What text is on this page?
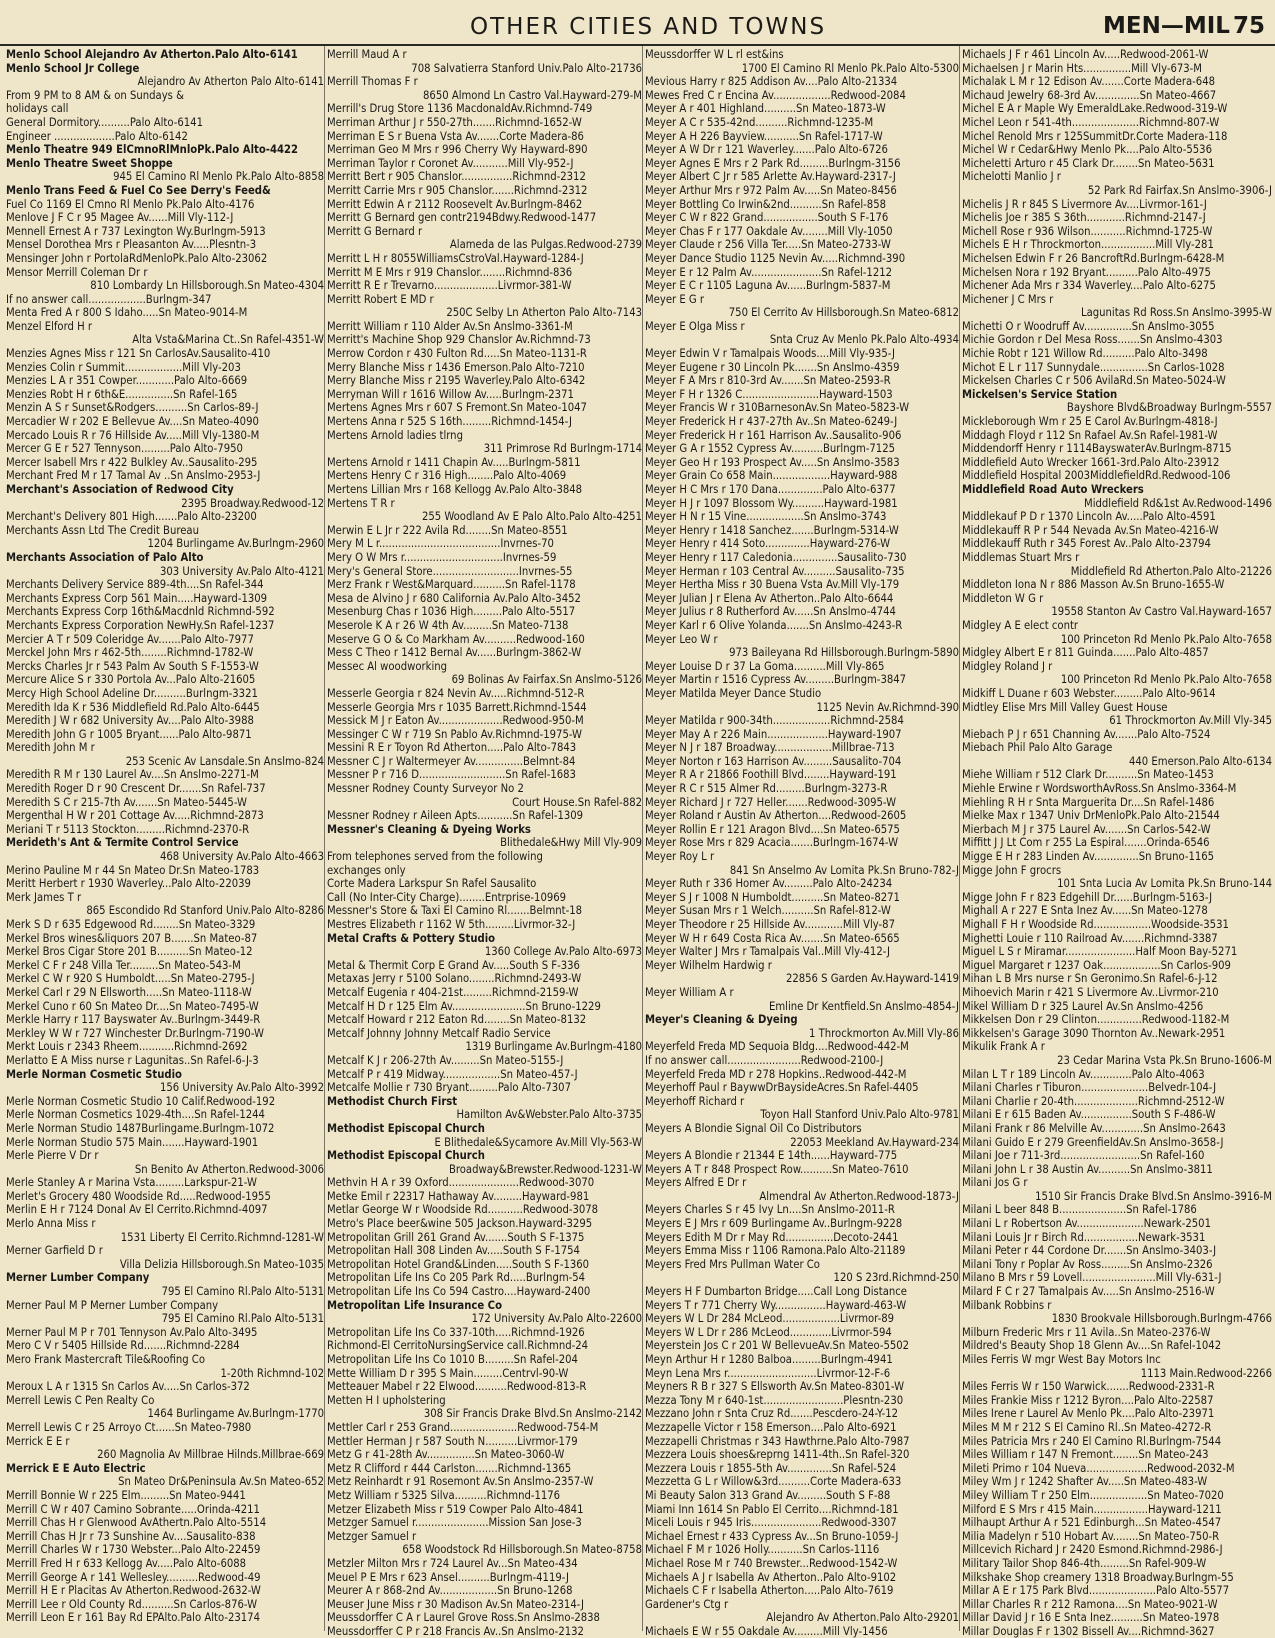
OTHER CITIES AND TOWNS	MEN—MIL 75
Menlo School Alejandro Av Atherton.Palo Alto-6141
Menlo School Jr College
Alejandro Av Atherton Palo Alto-6141
From 9 PM to 8 AM & on Sundays &
holidays call
General Dormitory..........Palo Alto-6141
Engineer ...................Palo Alto-6142
Menlo Theatre 949 ElCmnoRlMnloPk.Palo Alto-4422
Menlo Theatre Sweet Shoppe
945 El Camino Rl Menlo Pk.Palo Alto-8858
Menlo Trans Feed & Fuel Co See Derry's Feed&
Fuel Co 1169 El Cmno Rl Menlo Pk.Palo Alto-4176
Menlove J F C r 95 Magee Av......Mill Vly-112-J
Mennell Ernest A r 737 Lexington Wy.Burlngm-5913
Mensel Dorothea Mrs r Pleasanton Av.....Plesntn-3
Mensinger John r PortolaRdMenloPk.Palo Alto-23062
Mensor Merrill Coleman Dr r
810 Lombardy Ln Hillsborough.Sn Mateo-4304
If no answer call..................Burlngm-347
Menta Fred A r 800 S Idaho.....Sn Mateo-9014-M
Menzel Elford H r
Alta Vsta&Marina Ct..Sn Rafel-4351-W
Menzies Agnes Miss r 121 Sn CarlosAv.Sausalito-410
Menzies Colin r Summit..................Mill Vly-203
Menzies L A r 351 Cowper............Palo Alto-6669
Menzies Robt H r 6th&E...............Sn Rafel-165
Menzin A S r Sunset&Rodgers..........Sn Carlos-89-J
Mercadier W r 202 E Bellevue Av....Sn Mateo-4090
Mercado Louis R r 76 Hillside Av.....Mill Vly-1380-M
Mercer G E r 527 Tennyson.........Palo Alto-7950
Mercer Isabell Mrs r 422 Bulkley Av..Sausalito-295
Merchant Fred M r 17 Tamal Av ..Sn Anslmo-2953-J
Merchant's Association of Redwood City
2395 Broadway.Redwood-12
Merchant's Delivery 801 High.......Palo Alto-23200
Merchants Assn Ltd The Credit Bureau
1204 Burlingame Av.Burlngm-2960
Merchants Association of Palo Alto
303 University Av.Palo Alto-4121
Merchants Delivery Service 889-4th....Sn Rafel-344
Merchants Express Corp 561 Main.....Hayward-1309
Merchants Express Corp 16th&Macdnld Richmnd-592
Merchants Express Corporation NewHy.Sn Rafel-1237
Mercier A T r 509 Coleridge Av.......Palo Alto-7977
Merckel John Mrs r 462-5th........Richmnd-1782-W
Mercks Charles Jr r 543 Palm Av South S F-1553-W
Mercure Alice S r 330 Portola Av...Palo Alto-21605
Mercy High School Adeline Dr..........Burlngm-3321
Meredith Ida K r 536 Middlefield Rd.Palo Alto-6445
Meredith J W r 682 University Av....Palo Alto-3988
Meredith John G r 1005 Bryant......Palo Alto-9871
Meredith John M r
253 Scenic Av Lansdale.Sn Anslmo-824
Meredith R M r 130 Laurel Av....Sn Anslmo-2271-M
Meredith Roger D r 90 Crescent Dr.......Sn Rafel-737
Meredith S C r 215-7th Av.......Sn Mateo-5445-W
Mergenthal H W r 201 Cottage Av.....Richmnd-2873
Meriani T r 5113 Stockton.........Richmnd-2370-R
Merideth's Ant & Termite Control Service
468 University Av.Palo Alto-4663
Merino Pauline M r 44 Sn Mateo Dr.Sn Mateo-1783
Meritt Herbert r 1930 Waverley...Palo Alto-22039
Merk James T r
865 Escondido Rd Stanford Univ.Palo Alto-8286
Merk S D r 635 Edgewood Rd........Sn Mateo-3329
Merkel Bros wines&liquors 207 B.......Sn Mateo-87
Merkel Bros Cigar Store 201 B..........Sn Mateo-12
Merkel C F r 248 Villa Ter.........Sn Mateo-543-M
Merkel C W r 920 S Humboldt.....Sn Mateo-2795-J
Merkel Carl r 29 N Ellsworth.....Sn Mateo-1118-W
Merkel Cuno r 60 Sn Mateo Dr....Sn Mateo-7495-W
Merkle Harry r 117 Bayswater Av..Burlngm-3449-R
Merkley W W r 727 Winchester Dr.Burlngm-7190-W
Merkt Louis r 2343 Rheem...........Richmnd-2692
Merlatto E A Miss nurse r Lagunitas..Sn Rafel-6-J-3
Merle Norman Cosmetic Studio
156 University Av.Palo Alto-3992
Merle Norman Cosmetic Studio 10 Calif.Redwood-192
Merle Norman Cosmetics 1029-4th....Sn Rafel-1244
Merle Norman Studio 1487Burlingame.Burlngm-1072
Merle Norman Studio 575 Main.......Hayward-1901
Merle Pierre V Dr r
Sn Benito Av Atherton.Redwood-3006
Merle Stanley A r Marina Vsta.........Larkspur-21-W
Merlet's Grocery 480 Woodside Rd.....Redwood-1955
Merlin E H r 7124 Donal Av El Cerrito.Richmnd-4097
Merlo Anna Miss r
1531 Liberty El Cerrito.Richmnd-1281-W
Merner Garfield D r
Villa Delizia Hillsborough.Sn Mateo-1035
Merner Lumber Company
795 El Camino Rl.Palo Alto-5131
Merner Paul M P Merner Lumber Company
795 El Camino Rl.Palo Alto-5131
Merner Paul M P r 701 Tennyson Av.Palo Alto-3495
Mero C V r 5405 Hillside Rd.......Richmnd-2284
Mero Frank Mastercraft Tile&Roofing Co
1-20th Richmnd-102
Meroux L A r 1315 Sn Carlos Av.....Sn Carlos-372
Merrell Lewis C Pen Realty Co
1464 Burlingame Av.Burlngm-1770
Merrell Lewis C r 25 Arroyo Ct......Sn Mateo-7980
Merrick E E r
260 Magnolia Av Millbrae Hilnds.Millbrae-669
Merrick E E Auto Electric
Sn Mateo Dr&Peninsula Av.Sn Mateo-652
Merrill Bonnie W r 225 Elm.........Sn Mateo-9441
Merrill C W r 407 Camino Sobrante.....Orinda-4211
Merrill Chas H r Glenwood AvAthertn.Palo Alto-5514
Merrill Chas H Jr r 73 Sunshine Av....Sausalito-838
Merrill Charles W r 1730 Webster...Palo Alto-22459
Merrill Fred H r 633 Kellogg Av.....Palo Alto-6088
Merrill George A r 141 Wellesley..........Redwood-49
Merrill H E r Placitas Av Atherton.Redwood-2632-W
Merrill Lee r Old County Rd..........Sn Carlos-876-W
Merrill Leon E r 161 Bay Rd EPAlto.Palo Alto-23174
Merrill Maud A r
708 Salvatierra Stanford Univ.Palo Alto-21736
Merrill Thomas F r
8650 Almond Ln Castro Val.Hayward-279-M
Merrill's Drug Store 1136 MacdonaldAv.Richmnd-749
Merriman Arthur J r 550-27th.......Richmnd-1652-W
Merriman E S r Buena Vsta Av.......Corte Madera-86
Merriman Geo M Mrs r 996 Cherry Wy Hayward-890
Merriman Taylor r Coronet Av...........Mill Vly-952-J
Merritt Bert r 905 Chanslor................Richmnd-2312
Merritt Carrie Mrs r 905 Chanslor.......Richmnd-2312
Merritt Edwin A r 2112 Roosevelt Av.Burlngm-8462
Merritt G Bernard gen contr2194Bdwy.Redwood-1477
Merritt G Bernard r
Alameda de las Pulgas.Redwood-2739
Merritt L H r 8055WilliamsCstroVal.Hayward-1284-J
Merritt M E Mrs r 919 Chanslor........Richmnd-836
Merritt R E r Trevarno....................Livrmor-381-W
Merritt Robert E MD r
250C Selby Ln Atherton Palo Alto-7143
Merritt William r 110 Alder Av.Sn Anslmo-3361-M
Merritt's Machine Shop 929 Chanslor Av.Richmnd-73
Merrow Cordon r 430 Fulton Rd.....Sn Mateo-1131-R
Merry Blanche Miss r 1436 Emerson.Palo Alto-7210
Merry Blanche Miss r 2195 Waverley.Palo Alto-6342
Merryman Will r 1616 Willow Av.....Burlngm-2371
Mertens Agnes Mrs r 607 S Fremont.Sn Mateo-1047
Mertens Anna r 525 S 16th.........Richmnd-1454-J
Mertens Arnold ladies tlrng
311 Primrose Rd Burlngm-1714
Mertens Arnold r 1411 Chapin Av.....Burlngm-5811
Mertens Henry C r 316 High........Palo Alto-4069
Mertens Lillian Mrs r 168 Kellogg Av.Palo Alto-3848
Mertens T R r
255 Woodland Av E Palo Alto.Palo Alto-4251
Merwin E L Jr r 222 Avila Rd........Sn Mateo-8551
Mery M L r......................................Invrnes-70
Mery O W Mrs r...............................Invrnes-59
Mery's General Store...........................Invrnes-55
Merz Frank r West&Marquard..........Sn Rafel-1178
Mesa de Alvino J r 680 California Av.Palo Alto-3452
Mesenburg Chas r 1036 High.........Palo Alto-5517
Meserole K A r 26 W 4th Av.........Sn Mateo-7138
Meserve G O & Co Markham Av..........Redwood-160
Mess C Theo r 1412 Bernal Av......Burlngm-3862-W
Messec Al woodworking
69 Bolinas Av Fairfax.Sn Anslmo-5126
Messerle Georgia r 824 Nevin Av.....Richmnd-512-R
Messerle Georgia Mrs r 1035 Barrett.Richmnd-1544
Messick M J r Eaton Av....................Redwood-950-M
Messinger C W r 719 Sn Pablo Av.Richmnd-1975-W
Messini R E r Toyon Rd Atherton.....Palo Alto-7843
Messner C J r Waltermeyer Av...............Belmnt-84
Messner P r 716 D...........................Sn Rafel-1683
Messner Rodney County Surveyor No 2
Court House.Sn Rafel-882
Messner Rodney r Aileen Apts...........Sn Rafel-1309
Messner's Cleaning & Dyeing Works
Blithedale&Hwy Mill Vly-909
From telephones served from the following
exchanges only
Corte Madera Larkspur Sn Rafel Sausalito
Call (No Inter-City Charge)........Entrprise-10969
Messner's Store & Taxi El Camino Rl.......Belmnt-18
Mestres Elizabeth r 1162 W 5th.........Livrmor-32-J
Metal Crafts & Pottery Studio
1360 College Av.Palo Alto-6973
Metal & Thermit Corp E Grand Av.....South S F-336
Metaxas Jerry r 5100 Solano........Richmnd-2493-W
Metcalf Eugenia r 404-21st.........Richmnd-2159-W
Metcalf H D r 125 Elm Av.......................Sn Bruno-1229
Metcalf Howard r 212 Eaton Rd........Sn Mateo-8132
Metcalf Johnny Johnny Metcalf Radio Service
1319 Burlingame Av.Burlngm-4180
Metcalf K J r 206-27th Av.........Sn Mateo-5155-J
Metcalf P r 419 Midway..................Sn Mateo-457-J
Metcalfe Mollie r 730 Bryant.........Palo Alto-7307
Methodist Church First
Hamilton Av&Webster.Palo Alto-3735
Methodist Episcopal Church
E Blithedale&Sycamore Av.Mill Vly-563-W
Methodist Episcopal Church
Broadway&Brewster.Redwood-1231-W
Methvin H A r 39 Oxford......................Redwood-3070
Metke Emil r 22317 Hathaway Av.........Hayward-981
Metlar George W r Woodside Rd...........Redwood-3078
Metro's Place beer&wine 505 Jackson.Hayward-3295
Metropolitan Grill 261 Grand Av.......South S F-1375
Metropolitan Hall 308 Linden Av.....South S F-1754
Metropolitan Hotel Grand&Linden.....South S F-1360
Metropolitan Life Ins Co 205 Park Rd.....Burlngm-54
Metropolitan Life Ins Co 594 Castro....Hayward-2400
Metropolitan Life Insurance Co
172 University Av.Palo Alto-22600
Metropolitan Life Ins Co 337-10th.....Richmnd-1926
Richmond-El CerritoNursingService call.Richmnd-24
Metropolitan Life Ins Co 1010 B.........Sn Rafel-204
Mette William D r 395 S Main.........Centrvl-90-W
Metteauer Mabel r 22 Elwood..........Redwood-813-R
Metten H I upholstering
308 Sir Francis Drake Blvd.Sn Anslmo-2142
Mettler Carl r 253 Grand.....................Redwood-754-M
Mettler Herman J r 587 South N..........Livrmor-179
Metz G r 41-28th Av...............Sn Mateo-3060-W
Metz R Clifford r 444 Carlston.......Richmnd-1365
Metz Reinhardt r 91 Rosemont Av.Sn Anslmo-2357-W
Metz William r 5325 Silva..........Richmnd-1176
Metzer Elizabeth Miss r 519 Cowper Palo Alto-4841
Metzger Samuel r.......................Mission San Jose-3
Metzger Samuel r
658 Woodstock Rd Hillsborough.Sn Mateo-8758
Metzler Milton Mrs r 724 Laurel Av...Sn Mateo-434
Meuel P E Mrs r 623 Ansel..........Burlngm-4119-J
Meurer A r 868-2nd Av..................Sn Bruno-1268
Meuser June Miss r 30 Madison Av.Sn Mateo-2314-J
Meussdorffer C A r Laurel Grove Ross.Sn Anslmo-2838
Meussdorffer C P r 218 Francis Av..Sn Anslmo-2132
Meussdorffer W L rl est&ins
1700 El Camino Rl Menlo Pk.Palo Alto-5300
Mevious Harry r 825 Addison Av....Palo Alto-21334
Mewes Fred C r Encina Av..................Redwood-2084
Meyer A r 401 Highland..........Sn Mateo-1873-W
Meyer A C r 535-42nd..........Richmnd-1235-M
Meyer A H 226 Bayview...........Sn Rafel-1717-W
Meyer A W Dr r 121 Waverley.......Palo Alto-6726
Meyer Agnes E Mrs r 2 Park Rd.........Burlngm-3156
Meyer Albert C Jr r 585 Arlette Av.Hayward-2317-J
Meyer Arthur Mrs r 972 Palm Av.....Sn Mateo-8456
Meyer Bottling Co Irwin&2nd..........Sn Rafel-858
Meyer C W r 822 Grand.................South S F-176
Meyer Chas F r 177 Oakdale Av........Mill Vly-1050
Meyer Claude r 256 Villa Ter.....Sn Mateo-2733-W
Meyer Dance Studio 1125 Nevin Av.....Richmnd-390
Meyer E r 12 Palm Av......................Sn Rafel-1212
Meyer E C r 1105 Laguna Av......Burlngm-5837-M
Meyer E G r
750 El Cerrito Av Hillsborough.Sn Mateo-6812
Meyer E Olga Miss r
Snta Cruz Av Menlo Pk.Palo Alto-4934
Meyer Edwin V r Tamalpais Woods....Mill Vly-935-J
Meyer Eugene r 30 Lincoln Pk.......Sn Anslmo-4359
Meyer F A Mrs r 810-3rd Av.......Sn Mateo-2593-R
Meyer F H r 1326 C........................Hayward-1503
Meyer Francis W r 310BarnesonAv.Sn Mateo-5823-W
Meyer Frederick H r 437-27th Av..Sn Mateo-6249-J
Meyer Frederick H r 161 Harrison Av..Sausalito-906
Meyer G A r 1552 Cypress Av..........Burlngm-7125
Meyer Geo H r 193 Prospect Av.....Sn Anslmo-3583
Meyer Grain Co 658 Main..................Hayward-988
Meyer H C Mrs r 170 Dana..............Palo Alto-6377
Meyer H J r 1097 Blossom Wy..........Hayward-1981
Meyer H N r 15 Vine..................Sn Anslmo-3743
Meyer Henry r 1418 Sanchez.......Burlngm-5314-W
Meyer Henry r 414 Soto..............Hayward-276-W
Meyer Henry r 117 Caledonia..............Sausalito-730
Meyer Herman r 103 Central Av..........Sausalito-735
Meyer Hertha Miss r 30 Buena Vsta Av.Mill Vly-179
Meyer Julian J r Elena Av Atherton..Palo Alto-6644
Meyer Julius r 8 Rutherford Av......Sn Anslmo-4744
Meyer Karl r 6 Olive Yolanda.......Sn Anslmo-4243-R
Meyer Leo W r
973 Baileyana Rd Hillsborough.Burlngm-5890
Meyer Louise D r 37 La Goma..........Mill Vly-865
Meyer Martin r 1516 Cypress Av.........Burlngm-3847
Meyer Matilda Meyer Dance Studio
1125 Nevin Av.Richmnd-390
Meyer Matilda r 900-34th..................Richmnd-2584
Meyer May A r 226 Main...................Hayward-1907
Meyer N J r 187 Broadway..................Millbrae-713
Meyer Norton r 163 Harrison Av.........Sausalito-704
Meyer R A r 21866 Foothill Blvd........Hayward-191
Meyer R C r 515 Almer Rd.........Burlngm-3273-R
Meyer Richard J r 727 Heller.......Redwood-3095-W
Meyer Roland r Austin Av Atherton....Redwood-2605
Meyer Rollin E r 121 Aragon Blvd....Sn Mateo-6575
Meyer Rose Mrs r 829 Acacia.......Burlngm-1674-W
Meyer Roy L r
841 Sn Anselmo Av Lomita Pk.Sn Bruno-782-J
Meyer Ruth r 336 Homer Av.........Palo Alto-24234
Meyer S J r 1008 N Humboldt..........Sn Mateo-8271
Meyer Susan Mrs r 1 Welch..........Sn Rafel-812-W
Meyer Theodore r 25 Hillside Av............Mill Vly-87
Meyer W H r 649 Costa Rica Av.......Sn Mateo-6565
Meyer Walter J Mrs r Tamalpais Val..Mill Vly-412-J
Meyer Wilhelm Hardwig r
22856 S Garden Av.Hayward-1419
Meyer William A r
Emline Dr Kentfield.Sn Anslmo-4854-J
Meyer's Cleaning & Dyeing
1 Throckmorton Av.Mill Vly-86
Meyerfeld Freda MD Sequoia Bldg....Redwood-442-M
If no answer call.......................Redwood-2100-J
Meyerfeld Freda MD r 278 Hopkins..Redwood-442-M
Meyerhoff Paul r BaywwDrBaysideAcres.Sn Rafel-4405
Meyerhoff Richard r
Toyon Hall Stanford Univ.Palo Alto-9781
Meyers A Blondie Signal Oil Co Distributors
22053 Meekland Av.Hayward-234
Meyers A Blondie r 21344 E 14th......Hayward-775
Meyers A T r 848 Prospect Row..........Sn Mateo-7610
Meyers Alfred E Dr r
Almendral Av Atherton.Redwood-1873-J
Meyers Charles S r 45 Ivy Ln....Sn Anslmo-2011-R
Meyers E J Mrs r 609 Burlingame Av..Burlngm-9228
Meyers Edith M Dr r May Rd...............Decoto-2441
Meyers Emma Miss r 1106 Ramona.Palo Alto-21189
Meyers Fred Mrs Pullman Water Co
120 S 23rd.Richmnd-250
Meyers H F Dumbarton Bridge.....Call Long Distance
Meyers T r 771 Cherry Wy................Hayward-463-W
Meyers W L Dr 284 McLeod..................Livrmor-89
Meyers W L Dr r 286 McLeod.............Livrmor-594
Meyerstein Jos C r 201 W BellevueAv.Sn Mateo-5502
Meyn Arthur H r 1280 Balboa.........Burlngm-4941
Meyn Lena Mrs r............................Livrmor-12-F-6
Meyners R B r 327 S Ellsworth Av.Sn Mateo-8301-W
Mezza Tony M r 640-1st.........................Plesntn-230
Mezzano John r Snta Cruz Rd.......Pescdero-24-Y-12
Mezzapelle Victor r 158 Emerson....Palo Alto-6921
Mezzapelli Christmas r 343 Hawthrne.Palo Alto-7987
Mezzera Louis shoes&reprng 1411-4th..Sn Rafel-320
Mezzera Louis r 1855-5th Av..............Sn Rafel-524
Mezzetta G L r Willow&3rd..........Corte Madera-633
Mi Beauty Salon 313 Grand Av.........South S F-88
Miami Inn 1614 Sn Pablo El Cerrito....Richmnd-181
Miceli Louis r 945 Iris......................Redwood-3307
Michael Ernest r 433 Cypress Av...Sn Bruno-1059-J
Michael F M r 1026 Holly...........Sn Carlos-1116
Michael Rose M r 740 Brewster...Redwood-1542-W
Michaels A J r Isabella Av Atherton..Palo Alto-9102
Michaels C F r Isabella Atherton.....Palo Alto-7619
Gardener's Ctg r
Alejandro Av Atherton.Palo Alto-29201
Michaels E W r 55 Oakdale Av.........Mill Vly-1456
Michaels J F r 461 Lincoln Av.....Redwood-2061-W
Michaelsen J r Marin Hts...............Mill Vly-673-M
Michalak L M r 12 Edison Av.......Corte Madera-648
Michaud Jewelry 68-3rd Av..............Sn Mateo-4667
Michel E A r Maple Wy EmeraldLake.Redwood-319-W
Michel Leon r 541-4th.....................Richmnd-807-W
Michel Renold Mrs r 125SummitDr.Corte Madera-118
Michel W r Cedar&Hwy Menlo Pk....Palo Alto-5536
Micheletti Arturo r 45 Clark Dr........Sn Mateo-5631
Michelotti Manlio J r
52 Park Rd Fairfax.Sn Anslmo-3906-J
Michelis J R r 845 S Livermore Av....Livrmor-161-J
Michelis Joe r 385 S 36th............Richmnd-2147-J
Michell Rose r 936 Wilson...........Richmnd-1725-W
Michels E H r Throckmorton.................Mill Vly-281
Michelsen Edwin F r 26 BancroftRd.Burlngm-6428-M
Michelsen Nora r 192 Bryant..........Palo Alto-4975
Michener Ada Mrs r 334 Waverley....Palo Alto-6275
Michener J C Mrs r
Lagunitas Rd Ross.Sn Anslmo-3995-W
Michetti O r Woodruff Av...............Sn Anslmo-3055
Michie Gordon r Del Mesa Ross.......Sn Anslmo-4303
Michie Robt r 121 Willow Rd..........Palo Alto-3498
Michot E L r 117 Sunnydale...............Sn Carlos-1028
Mickelsen Charles C r 506 AvilaRd.Sn Mateo-5024-W
Mickelsen's Service Station
Bayshore Blvd&Broadway Burlngm-5557
Mickleborough Wm r 25 E Carol Av.Burlngm-4818-J
Middagh Floyd r 112 Sn Rafael Av.Sn Rafel-1981-W
Middendorff Henry r 1114BayswaterAv.Burlngm-8715
Middlefield Auto Wrecker 1661-3rd.Palo Alto-23912
Middlefield Hospital 2003MiddlefieldRd.Redwood-106
Middlefield Road Auto Wreckers
Middlefield Rd&1st Av.Redwood-1496
Middlekauf P D r 1370 Lincoln Av.....Palo Alto-4591
Middlekauff R P r 544 Nevada Av.Sn Mateo-4216-W
Middlekauff Ruth r 345 Forest Av..Palo Alto-23794
Middlemas Stuart Mrs r
Middlefield Rd Atherton.Palo Alto-21226
Middleton Iona N r 886 Masson Av.Sn Bruno-1655-W
Middleton W G r
19558 Stanton Av Castro Val.Hayward-1657
Midgley A E elect contr
100 Princeton Rd Menlo Pk.Palo Alto-7658
Midgley Albert E r 811 Guinda.......Palo Alto-4857
Midgley Roland J r
100 Princeton Rd Menlo Pk.Palo Alto-7658
Midkiff L Duane r 603 Webster.........Palo Alto-9614
Midtley Elise Mrs Mill Valley Guest House
61 Throckmorton Av.Mill Vly-345
Miebach P J r 651 Channing Av.......Palo Alto-7524
Miebach Phil Palo Alto Garage
440 Emerson.Palo Alto-6134
Miehe William r 512 Clark Dr..........Sn Mateo-1453
Miehle Erwine r WordsworthAvRoss.Sn Anslmo-3364-M
Miehling R H r Snta Marguerita Dr....Sn Rafel-1486
Mielke Max r 1347 Univ DrMenloPk.Palo Alto-21544
Mierbach M J r 375 Laurel Av.......Sn Carlos-542-W
Miffitt J J Lt Com r 255 La Espiral.......Orinda-6546
Migge E H r 283 Linden Av..............Sn Bruno-1165
Migge John F grocrs
101 Snta Lucia Av Lomita Pk.Sn Bruno-144
Migge John F r 823 Edgehill Dr......Burlngm-5163-J
Mighall A r 227 E Snta Inez Av......Sn Mateo-1278
Mighall F H r Woodside Rd..................Woodside-3531
Mighetti Louie r 110 Railroad Av.......Richmnd-3387
Miguel L S r Miramar......................Half Moon Bay-5271
Miguel Margaret r 1237 Oak..................Sn Carlos-909
Mihan L B Mrs nurse r Sn Geronimo.Sn Rafel-6-J-12
Mihoevich Marin r 421 S Livermore Av..Livrmor-210
Mikel William D r 325 Laurel Av.Sn Anslmo-4256
Mikkelsen Don r 29 Clinton..............Redwood-1182-M
Mikkelsen's Garage 3090 Thornton Av..Newark-2951
Mikulik Frank A r
23 Cedar Marina Vsta Pk.Sn Bruno-1606-M
Milan L T r 189 Lincoln Av.............Palo Alto-4063
Milani Charles r Tiburon.....................Belvedr-104-J
Milani Charlie r 20-4th....................Richmnd-2512-W
Milani E r 615 Baden Av................South S F-486-W
Milani Frank r 86 Melville Av.............Sn Anslmo-2643
Milani Guido E r 279 GreenfieldAv.Sn Anslmo-3658-J
Milani Joe r 711-3rd.........................Sn Rafel-160
Milani John L r 38 Austin Av..........Sn Anslmo-3811
Milani Jos G r
1510 Sir Francis Drake Blvd.Sn Anslmo-3916-M
Milani L beer 848 B.....................Sn Rafel-1786
Milani L r Robertson Av.....................Newark-2501
Milani Louis Jr r Birch Rd.................Newark-3531
Milani Peter r 44 Cordone Dr.......Sn Anslmo-3403-J
Milani Tony r Poplar Av Ross.........Sn Anslmo-2326
Milano B Mrs r 59 Lovell.......................Mill Vly-631-J
Milard F C r 27 Tamalpais Av.....Sn Anslmo-2516-W
Milbank Robbins r
1830 Brookvale Hillsborough.Burlngm-4766
Milburn Frederic Mrs r 11 Avila..Sn Mateo-2376-W
Mildred's Beauty Shop 18 Glenn Av....Sn Rafel-1042
Miles Ferris W mgr West Bay Motors Inc
1113 Main.Redwood-2266
Miles Ferris W r 150 Warwick.......Redwood-2331-R
Miles Frankie Miss r 1212 Byron....Palo Alto-22587
Miles Irene r Laurel Av Menlo Pk....Palo Alto-23971
Miles M M r 212 S El Camino Rl..Sn Mateo-4272-R
Miles Patricia Mrs r 240 El Camino Rl.Burlngm-7544
Miles William r 147 N Fremont........Sn Mateo-243
Mileti Primo r 104 Nueva...................Redwood-2032-M
Miley Wm J r 1242 Shafter Av.....Sn Mateo-483-W
Miley William T r 250 Elm..................Sn Mateo-7020
Milford E S Mrs r 415 Main.................Hayward-1211
Milhaupt Arthur A r 521 Edinburgh...Sn Mateo-4547
Milia Madelyn r 510 Hobart Av........Sn Mateo-750-R
Millcevich Richard J r 2420 Esmond.Richmnd-2986-J
Military Tailor Shop 846-4th.........Sn Rafel-909-W
Milkshake Shop creamery 1318 Broadway.Burlngm-55
Millar A E r 175 Park Blvd.....................Palo Alto-5577
Millar Charles R r 212 Ramona....Sn Mateo-9021-W
Millar David J r 16 E Snta Inez..........Sn Mateo-1978
Millar Douglas F r 1302 Bissell Av....Richmnd-3627
